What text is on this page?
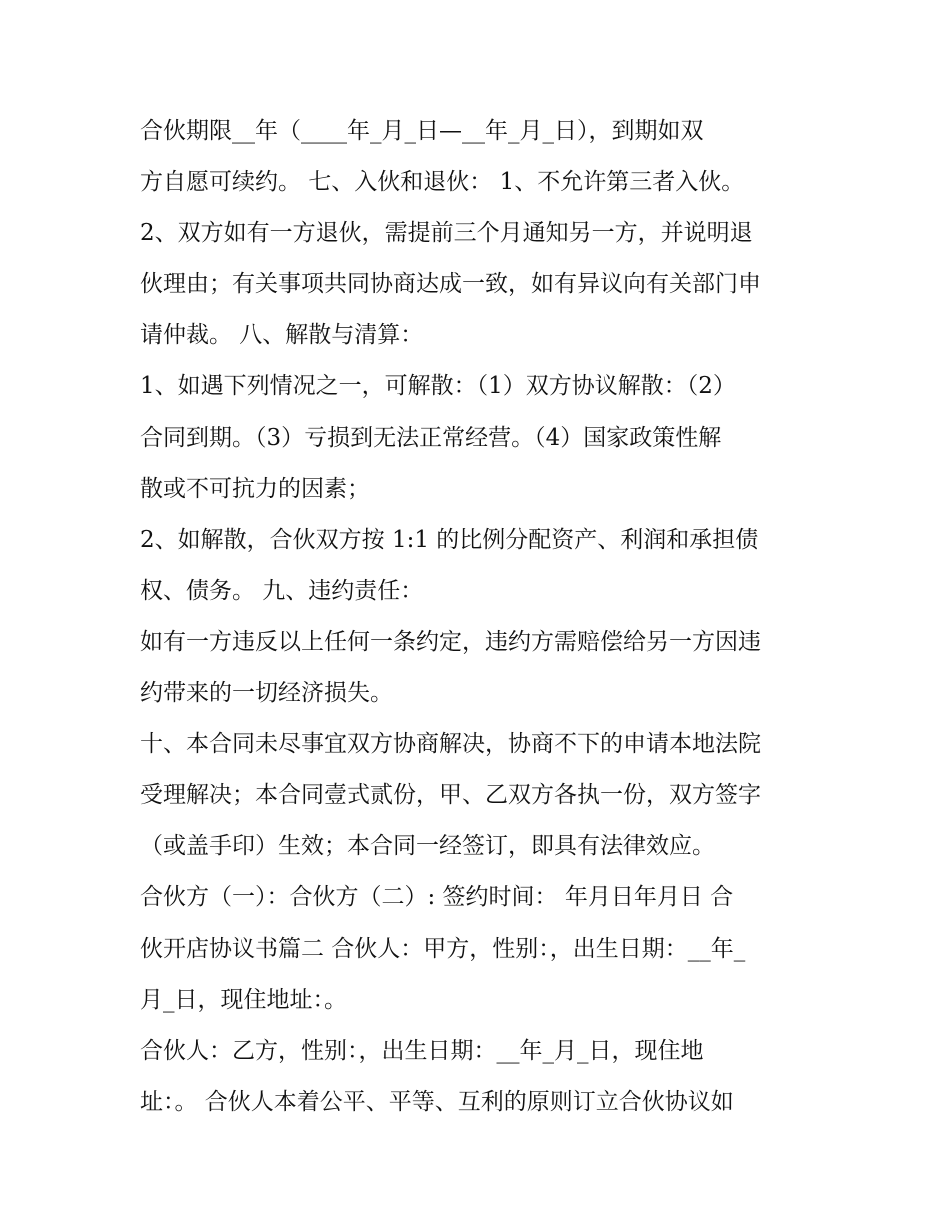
合伙期限__年（____年_月_日—__年_月_日），到期如双
方自愿可续约。 七、入伙和退伙： 1、不允许第三者入伙。
2、双方如有一方退伙，需提前三个月通知另一方，并说明退
伙理由；有关事项共同协商达成一致，如有异议向有关部门申
请仲裁。 八、解散与清算：
1、如遇下列情况之一，可解散：（1）双方协议解散：（2）
合同到期。（3）亏损到无法正常经营。（4）国家政策性解
散或不可抗力的因素；
2、如解散，合伙双方按 1:1 的比例分配资产、利润和承担债
权、债务。 九、违约责任：
如有一方违反以上任何一条约定，违约方需赔偿给另一方因违
约带来的一切经济损失。
十、本合同未尽事宜双方协商解决，协商不下的申请本地法院
受理解决；本合同壹式贰份，甲、乙双方各执一份，双方签字
（或盖手印）生效；本合同一经签订，即具有法律效应。
合伙方（一）：合伙方（二）: 签约时间： 年月日年月日 合
伙开店协议书篇二 合伙人：甲方，性别：，出生日期：__年_
月_日，现住地址：。
合伙人：乙方，性别：，出生日期：__年_月_日，现住地
址：。 合伙人本着公平、平等、互利的原则订立合伙协议如
